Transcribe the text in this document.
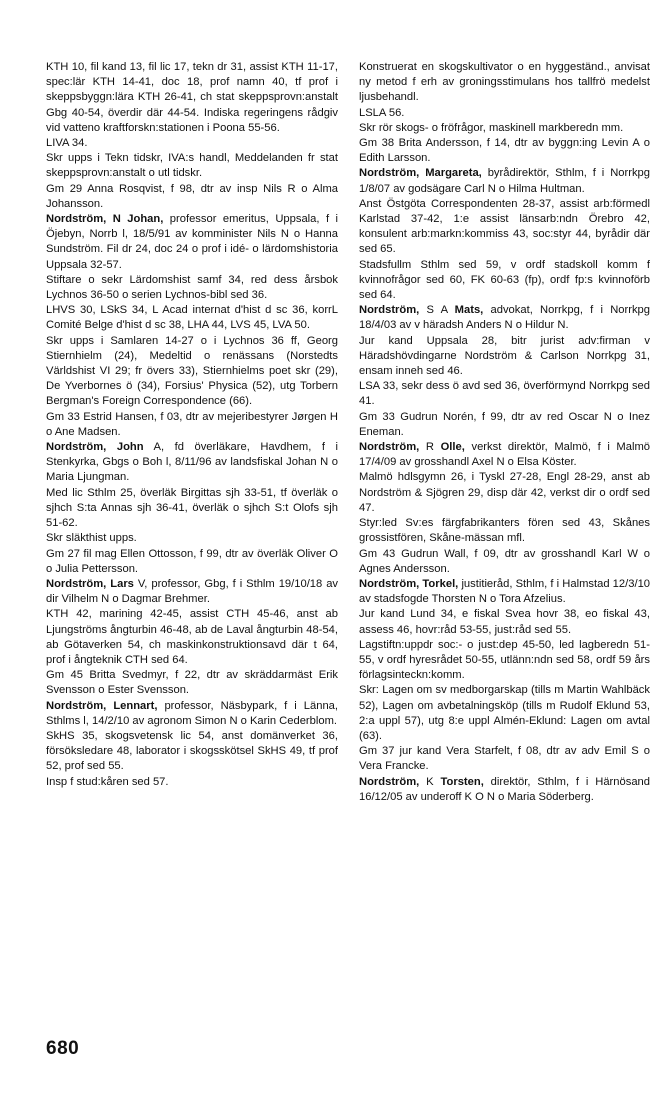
KTH 10, fil kand 13, fil lic 17, tekn dr 31, assist KTH 11-17, spec:lär KTH 14-41, doc 18, prof namn 40, tf prof i skeppsbyggn:lära KTH 26-41, ch stat skeppsprovn:anstalt Gbg 40-54, överdir där 44-54. Indiska regeringens rådgiv vid vattenо kraftforskn:stationen i Poona 55-56.

LIVA 34.

Skr upps i Tekn tidskr, IVA:s handl, Meddelanden fr stat skeppsprovn:anstalt o utl tidskr.

Gm 29 Anna Rosqvist, f 98, dtr av insp Nils R o Alma Johansson.

Nordström, N Johan, professor emeritus, Uppsala, f i Öjebyn, Norrb l, 18/5/91 av komministеr Nils N o Hanna Sundström. Fil dr 24, doc 24 o prof i idé- o lärdomshistoria Uppsala 32-57.

Stiftare o sekr Lärdomshist samf 34, red dess årsbok Lychnos 36-50 o serien Lychnos-bibl sed 36.

LHVS 30, LSkS 34, L Acad internat d'hist d sc 36, korrL Comité Belge d'hist d sc 38, LHA 44, LVS 45, LVA 50.

Skr upps i Samlaren 14-27 o i Lychnos 36 ff, Georg Stiernhielm (24), Medeltid o renässans (Norstedts Världshist VI 29; fr övers 33), Stiernhielms poet skr (29), De Yverbornes ö (34), Forsius' Physica (52), utg Torbern Bergman's Foreign Correspondence (66).

Gm 33 Estrid Hansen, f 03, dtr av mejeribestyrer Jørgen H o Ane Madsen.

Nordström, John A, fd överläkare, Havdhem, f i Stenkyrka, Gbgs o Boh l, 8/11/96 av landsfiskal Johan N o Maria Ljungman.

Med lic Sthlm 25, överläk Birgittas sjh 33-51, tf överläk o sjhch S:ta Annas sjh 36-41, överläk o sjhch S:t Olofs sjh 51-62.

Skr släkthist upps.

Gm 27 fil mag Ellen Ottosson, f 99, dtr av överläk Oliver O o Julia Pettersson.

Nordström, Lars V, professor, Gbg, f i Sthlm 19/10/18 av dir Vilhelm N o Dagmar Brehmer.

KTH 42, marining 42-45, assist CTH 45-46, anst ab Ljungströms ångturbin 46-48, ab de Laval ångturbin 48-54, ab Götaverken 54, ch maskinkonstruktionsavd där t 64, prof i ångteknik CTH sed 64.

Gm 45 Britta Svedmyr, f 22, dtr av skräddarmäst Erik Svensson o Ester Svensson.

Nordström, Lennart, professor, Näsbypark, f i Länna, Sthlms l, 14/2/10 av agronom Simon N o Karin Cederblom.

SkHS 35, skogsvetensk lic 54, anst domänverket 36, försöksledare 48, laborator i skogsskötsel SkHS 49, tf prof 52, prof sed 55.

Insp f stud:kåren sed 57.

Konstruerat en skogskultivator o en hyggeständ., anvisat ny metod f erh av groningsstimulans hos tallfrö medelst ljusbehandl.

LSLA 56.

Skr rör skogs- o fröfrågor, maskinell markberedn mm.

Gm 38 Brita Andersson, f 14, dtr av byggn:ing Levin A o Edith Larsson.

Nordström, Margareta, byrådirektör, Sthlm, f i Norrkpg 1/8/07 av godsägare Carl N o Hilma Hultman.

Anst Östgöta Correspondenten 28-37, assist arb:förmedl Karlstad 37-42, 1:e assist länsarb:ndn Örebro 42, konsulent arb:markn:kommiss 43, soc:styr 44, byrådir där sed 65.

Stadsfullm Sthlm sed 59, v ordf stadskoll komm f kvinnofrågor sed 60, FK 60-63 (fp), ordf fp:s kvinnoförb sed 64.

Nordström, S A Mats, advokat, Norrkpg, f i Norrkpg 18/4/03 av v häradsh Anders N o Hildur N.

Jur kand Uppsala 28, bitr jurist adv:firman v Häradshövdingarne Nordström & Carlson Norrkpg 31, ensam inneh sed 46.

LSA 33, sekr dess ö avd sed 36, överförmynd Norrkpg sed 41.

Gm 33 Gudrun Norén, f 99, dtr av red Oscar N o Inez Eneman.

Nordström, R Olle, verkst direktör, Malmö, f i Malmö 17/4/09 av grosshandl Axel N o Elsa Köster.

Malmö hdlsgymn 26, i Tyskl 27-28, Engl 28-29, anst ab Nordström & Sjögren 29, disp där 42, verkst dir o ordf sed 47.

Styr:led Sv:es färgfabrikanters fören sed 43, Skånes grossistfören, Skåne-mässan mfl.

Gm 43 Gudrun Wall, f 09, dtr av grosshandl Karl W o Agnes Andersson.

Nordström, Torkel, justitieråd, Sthlm, f i Halmstad 12/3/10 av stadsfogde Thorsten N o Tora Afzelius.

Jur kand Lund 34, e fiskal Svea hovr 38, eo fiskal 43, assess 46, hovr:råd 53-55, just:råd sed 55.

Lagstiftn:uppdr soc:- o just:dep 45-50, led lagberedn 51-55, v ordf hyresrådet 50-55, utlänn:ndn sed 58, ordf 59 års förlagsinteckn:komm.

Skr: Lagen om sv medborgarskap (tills m Martin Wahlbäck 52), Lagen om avbetalningsköp (tills m Rudolf Eklund 53, 2:a uppl 57), utg 8:e uppl Almén-Eklund: Lagen om avtal (63).

Gm 37 jur kand Vera Starfelt, f 08, dtr av adv Emil S o Vera Francke.

Nordström, K Torsten, direktör, Sthlm, f i Härnösand 16/12/05 av underoff K O N o Maria Söderberg.

680
